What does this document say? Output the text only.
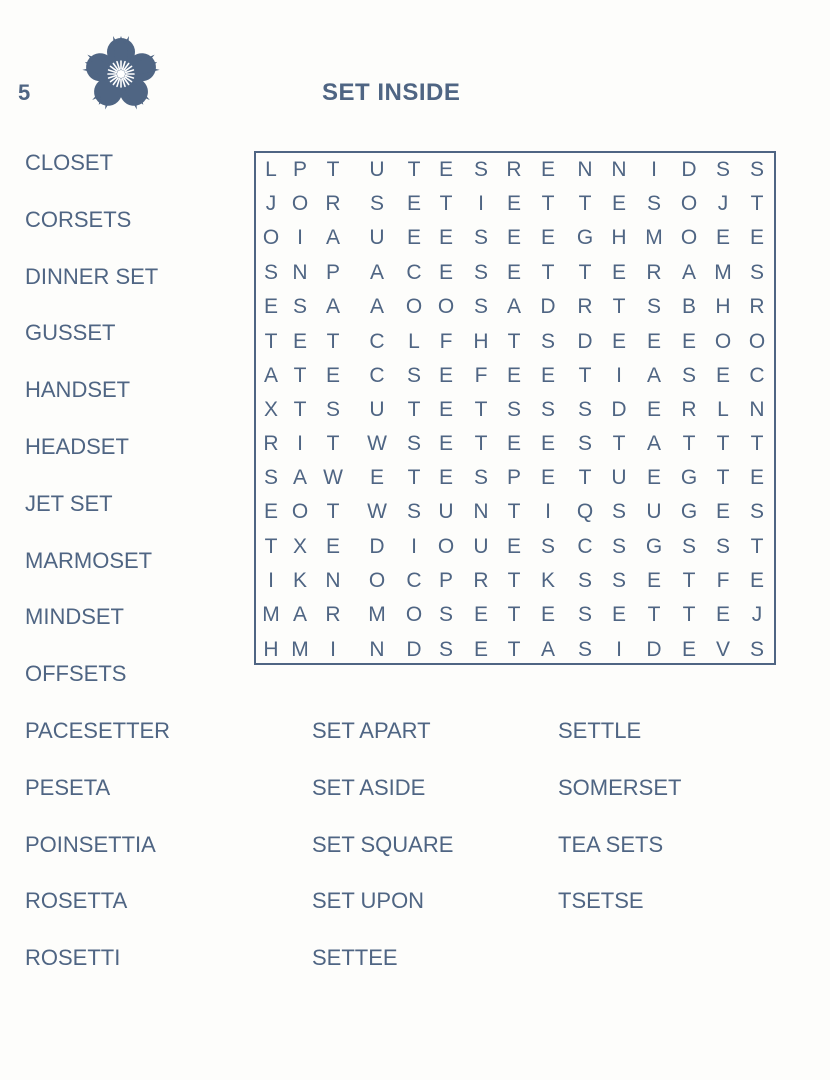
5	SET INSIDE
L P T	U	T E S R E	N N	I	D S S
J O R	S	E T	I	E T	T E S O J	T
O I	A	U	E E S E E	G H M O E E
S N P	A	C E S E T	T E R A M S
E S A	A	O O S A D	R T	S B H R
T E T	C	L F	H T S	D E E E O O
A T E	C	S E	F E E	T	I	A S E C
X T S	U	T E	T S S	S D E R L N
R I	T	W S E	T E E	S T	A	T	T	T
S A W	E	T E S P E	T U E G T E
E O T	W S U N T	I	Q S U G E S
T X E	D	I O U E S	C S G S S T
I K N	O	C P R T K	S S E	T	F E
M A R	M O S E T E	S E	T	T E	J
H M	I	N	D S E T A	S	I	D E V S
CLOSET
CORSETS
DINNER SET
GUSSET
HANDSET
HEADSET
JET SET
MARMOSET
MINDSET
OFFSETS
PACESETTER
PESETA
POINSETTIA
ROSETTA
ROSETTI
SET APART
SET ASIDE
SET SQUARE
SET UPON
SETTEE
SETTLE
SOMERSET
TEA SETS
TSETSE
